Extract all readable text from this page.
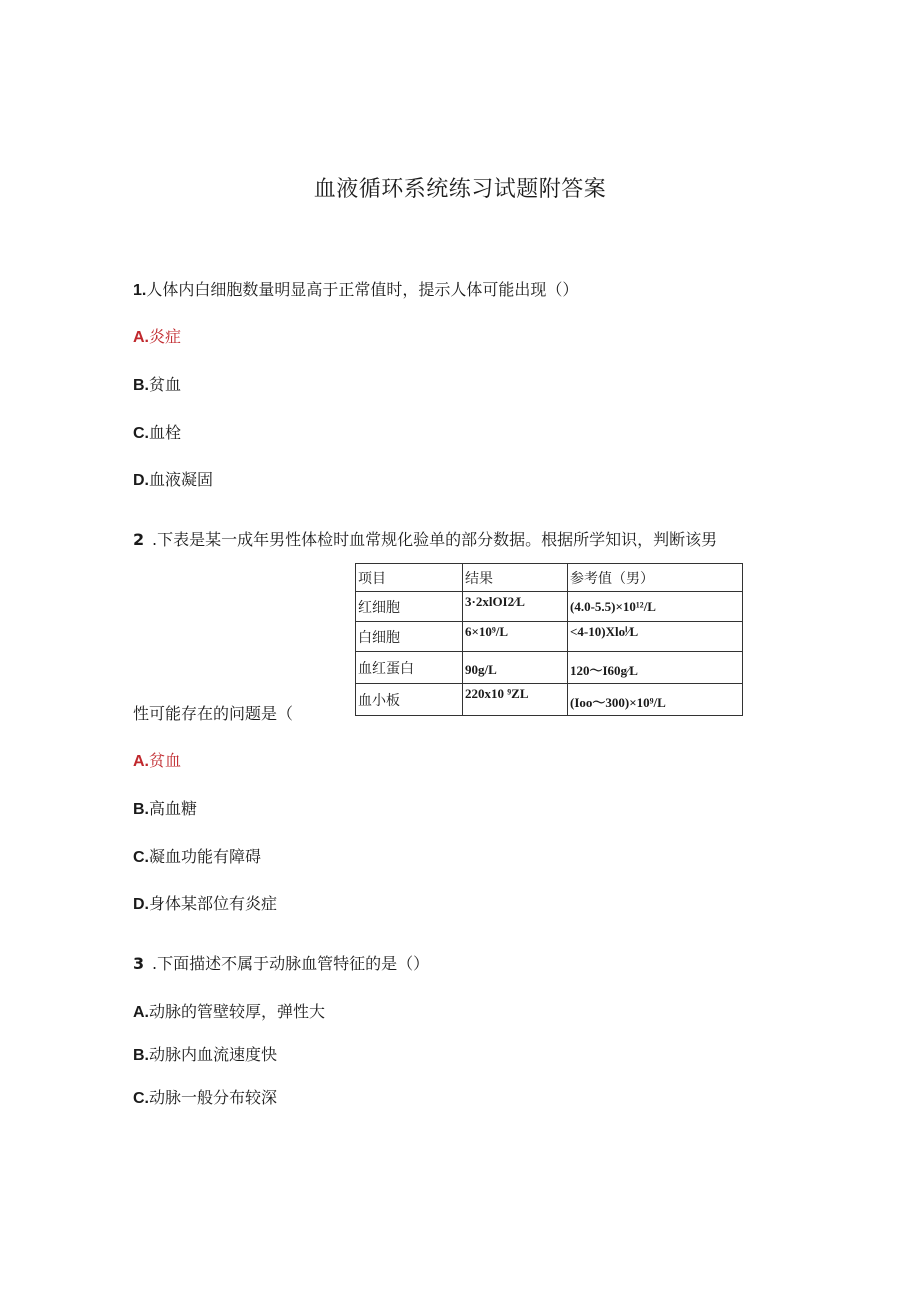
血液循环系统练习试题附答案
1.人体内白细胞数量明显高于正常值时，提示人体可能出现（）
A.炎症
B.贫血
C.血栓
D.血液凝固
2 .下表是某一成年男性体检时血常规化验单的部分数据。根据所学知识，判断该男
项目	结果	参考值（男）
红细胞	3·2xlOI2∕L	(4.0-5.5)×10¹²/L
白细胞	6×10⁹/L	<4-10)Xloⁱ∕L
血红蛋白	90g/L	120～I60g∕L
血小板	220x10 ⁹ZL	(Ioo～300)×10⁹/L
性可能存在的问题是（
A.贫血
B.高血糖
C.凝血功能有障碍
D.身体某部位有炎症
3 .下面描述不属于动脉血管特征的是（）
A.动脉的管壁较厚，弹性大
B.动脉内血流速度快
C.动脉一般分布较深
